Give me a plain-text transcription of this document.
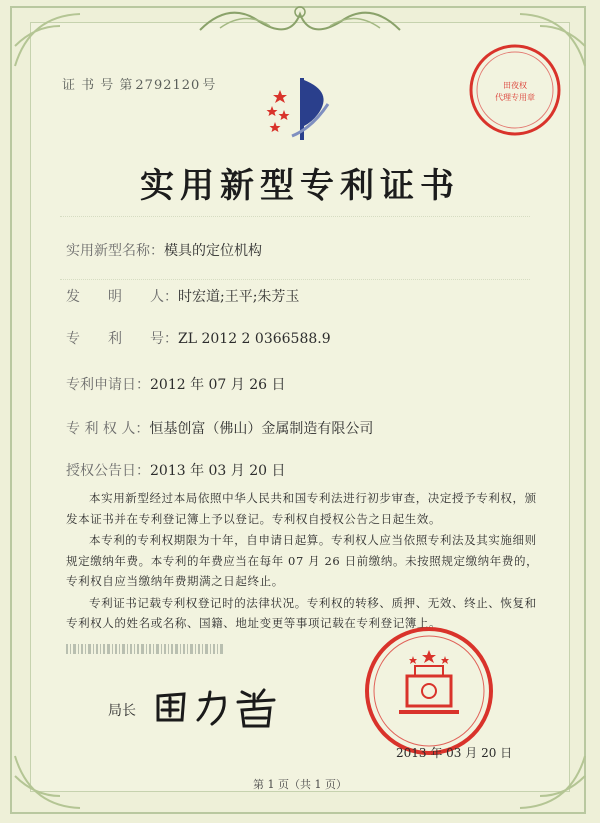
证 书 号 第 2792120 号	田夜权
代理专用章
实用新型专利证书
实用新型名称：模具的定位机构
发　　明　　人：时宏道;王平;朱芳玉
专　　利　　号：ZL 2012 2 0366588.9
专利申请日：2012 年 07 月 26 日
专 利 权 人：恒基创富（佛山）金属制造有限公司
授权公告日：2013 年 03 月 20 日

本实用新型经过本局依照中华人民共和国专利法进行初步审查，决定授予专利权，颁发本证书并在专利登记簿上予以登记。专利权自授权公告之日起生效。

本专利的专利权期限为十年，自申请日起算。专利权人应当依照专利法及其实施细则规定缴纳年费。本专利的年费应当在每年 07 月 26 日前缴纳。未按照规定缴纳年费的，专利权自应当缴纳年费期满之日起终止。

专利证书记载专利权登记时的法律状况。专利权的转移、质押、无效、终止、恢复和专利权人的姓名或名称、国籍、地址变更等事项记载在专利登记簿上。

局长
2013 年 03 月 20 日
第 1 页（共 1 页）
